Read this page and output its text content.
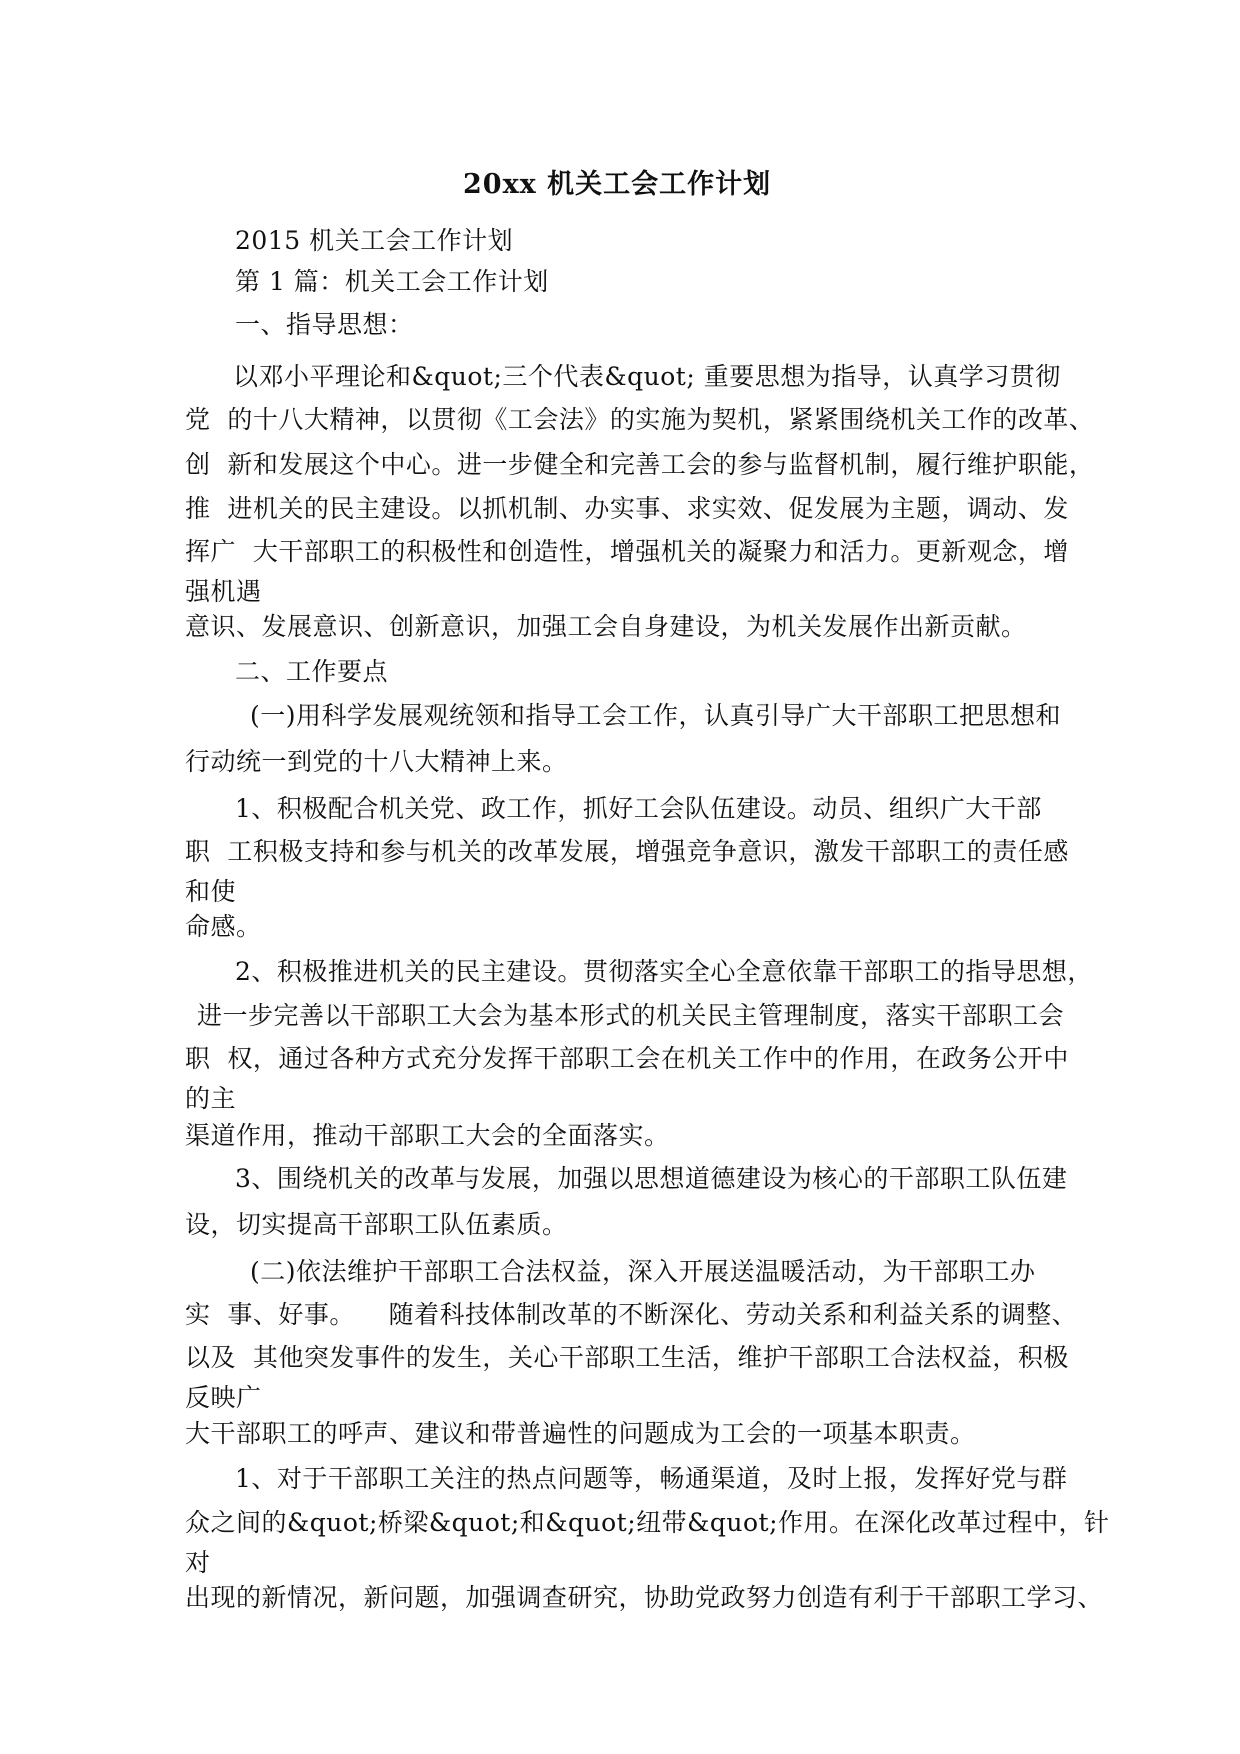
20xx 机关工会工作计划
2015 机关工会工作计划
第 1 篇：机关工会工作计划
一、指导思想：
以邓小平理论和&quot;三个代表&quot; 重要思想为指导，认真学习贯彻
党  的十八大精神，以贯彻《工会法》的实施为契机，紧紧围绕机关工作的改革、
创  新和发展这个中心。进一步健全和完善工会的参与监督机制，履行维护职能，
推  进机关的民主建设。以抓机制、办实事、求实效、促发展为主题，调动、发
挥广  大干部职工的积极性和创造性，增强机关的凝聚力和活力。更新观念，增
强机遇
意识、发展意识、创新意识，加强工会自身建设，为机关发展作出新贡献。
二、工作要点
(一)用科学发展观统领和指导工会工作，认真引导广大干部职工把思想和
行动统一到党的十八大精神上来。
1、积极配合机关党、政工作，抓好工会队伍建设。动员、组织广大干部
职  工积极支持和参与机关的改革发展，增强竞争意识，激发干部职工的责任感
和使
命感。
2、积极推进机关的民主建设。贯彻落实全心全意依靠干部职工的指导思想，
进一步完善以干部职工大会为基本形式的机关民主管理制度，落实干部职工会
职  权，通过各种方式充分发挥干部职工会在机关工作中的作用，在政务公开中
的主
渠道作用，推动干部职工大会的全面落实。
3、围绕机关的改革与发展，加强以思想道德建设为核心的干部职工队伍建
设，切实提高干部职工队伍素质。
(二)依法维护干部职工合法权益，深入开展送温暖活动，为干部职工办
实  事、好事。    随着科技体制改革的不断深化、劳动关系和利益关系的调整、
以及  其他突发事件的发生，关心干部职工生活，维护干部职工合法权益，积极
反映广
大干部职工的呼声、建议和带普遍性的问题成为工会的一项基本职责。
1、对于干部职工关注的热点问题等，畅通渠道，及时上报，发挥好党与群
众之间的&quot;桥梁&quot;和&quot;纽带&quot;作用。在深化改革过程中，针
对
出现的新情况，新问题，加强调查研究，协助党政努力创造有利于干部职工学习、
